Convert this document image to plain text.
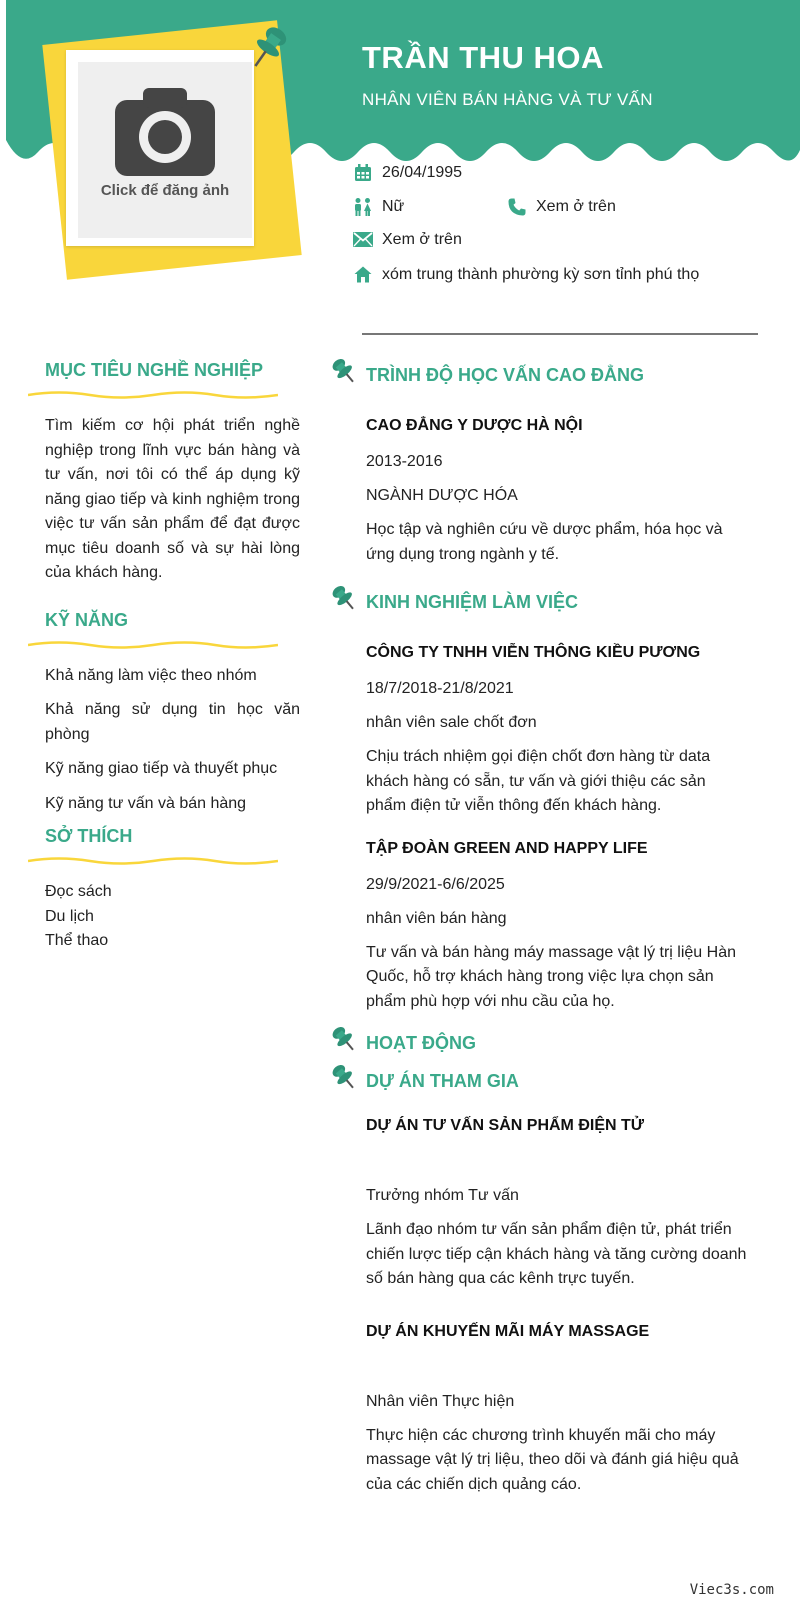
Click để đăng ảnh
TRẦN THU HOA
NHÂN VIÊN BÁN HÀNG VÀ TƯ VẤN
26/04/1995
Nữ	Xem ở trên
Xem ở trên
xóm trung thành phường kỳ sơn tỉnh phú thọ
MỤC TIÊU NGHỀ NGHIỆP
Tìm kiếm cơ hội phát triển nghề nghiệp trong lĩnh vực bán hàng và tư vấn, nơi tôi có thể áp dụng kỹ năng giao tiếp và kinh nghiệm trong việc tư vấn sản phẩm để đạt được mục tiêu doanh số và sự hài lòng của khách hàng.
KỸ NĂNG
Khả năng làm việc theo nhóm
Khả năng sử dụng tin học văn phòng
Kỹ năng giao tiếp và thuyết phục
Kỹ năng tư vấn và bán hàng
SỞ THÍCH
Đọc sách
Du lịch
Thể thao
TRÌNH ĐỘ HỌC VẤN CAO ĐẲNG
CAO ĐẲNG Y DƯỢC HÀ NỘI
2013-2016
NGÀNH DƯỢC HÓA
Học tập và nghiên cứu về dược phẩm, hóa học và ứng dụng trong ngành y tế.
KINH NGHIỆM LÀM VIỆC
CÔNG TY TNHH VIỄN THÔNG KIỀU PƯƠNG
18/7/2018-21/8/2021
nhân viên sale chốt đơn
Chịu trách nhiệm gọi điện chốt đơn hàng từ data khách hàng có sẵn, tư vấn và giới thiệu các sản phẩm điện tử viễn thông đến khách hàng.
TẬP ĐOÀN GREEN AND HAPPY LIFE
29/9/2021-6/6/2025
nhân viên bán hàng
Tư vấn và bán hàng máy massage vật lý trị liệu Hàn Quốc, hỗ trợ khách hàng trong việc lựa chọn sản phẩm phù hợp với nhu cầu của họ.
HOẠT ĐỘNG
DỰ ÁN THAM GIA
DỰ ÁN TƯ VẤN SẢN PHẨM ĐIỆN TỬ
Trưởng nhóm Tư vấn
Lãnh đạo nhóm tư vấn sản phẩm điện tử, phát triển chiến lược tiếp cận khách hàng và tăng cường doanh số bán hàng qua các kênh trực tuyến.
DỰ ÁN KHUYẾN MÃI MÁY MASSAGE
Nhân viên Thực hiện
Thực hiện các chương trình khuyến mãi cho máy massage vật lý trị liệu, theo dõi và đánh giá hiệu quả của các chiến dịch quảng cáo.
Viec3s.com
